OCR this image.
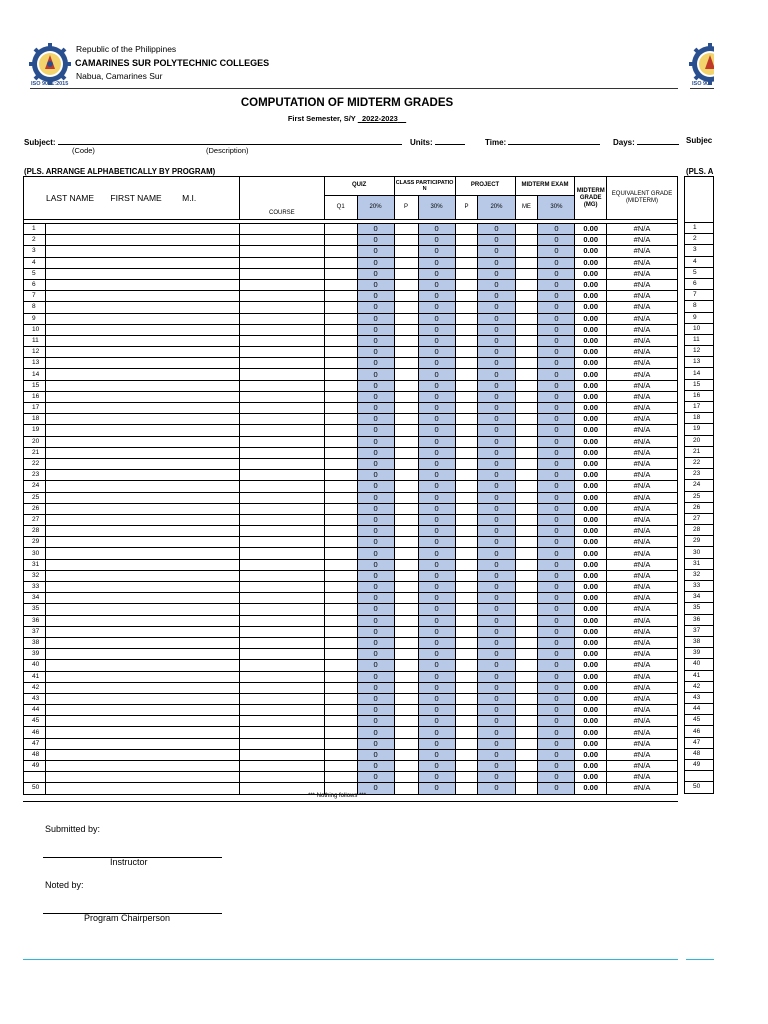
ISO 9001:2015	ISO 900
Republic of the Philippines
CAMARINES SUR POLYTECHNIC COLLEGES
Nabua, Camarines Sur
COMPUTATION OF MIDTERM GRADES
First Semester, S/Y 2022-2023
Subject:	Units:	Time:	Days:	Subjec
(Code)	(Description)
(PLS. ARRANGE ALPHABETICALLY BY PROGRAM)	(PLS. A
LAST NAME FIRST NAME M.I.			QUIZ		CLASS PARTICIPATIO N		PROJECT		MIDTERM EXAM		MIDTERM GRADE (MG)	EQUIVALENT GRADE (MIDTERM)
		COURSE	Q1	20%	P	30%	P	20%	ME	30%		

1				0		0		0		0	0.00	#N/A
2				0		0		0		0	0.00	#N/A
3				0		0		0		0	0.00	#N/A
4				0		0		0		0	0.00	#N/A
5				0		0		0		0	0.00	#N/A
6				0		0		0		0	0.00	#N/A
7				0		0		0		0	0.00	#N/A
8				0		0		0		0	0.00	#N/A
9				0		0		0		0	0.00	#N/A
10				0		0		0		0	0.00	#N/A
11				0		0		0		0	0.00	#N/A
12				0		0		0		0	0.00	#N/A
13				0		0		0		0	0.00	#N/A
14				0		0		0		0	0.00	#N/A
15				0		0		0		0	0.00	#N/A
16				0		0		0		0	0.00	#N/A
17				0		0		0		0	0.00	#N/A
18				0		0		0		0	0.00	#N/A
19				0		0		0		0	0.00	#N/A
20				0		0		0		0	0.00	#N/A
21				0		0		0		0	0.00	#N/A
22				0		0		0		0	0.00	#N/A
23				0		0		0		0	0.00	#N/A
24				0		0		0		0	0.00	#N/A
25				0		0		0		0	0.00	#N/A
26				0		0		0		0	0.00	#N/A
27				0		0		0		0	0.00	#N/A
28				0		0		0		0	0.00	#N/A
29				0		0		0		0	0.00	#N/A
30				0		0		0		0	0.00	#N/A
31				0		0		0		0	0.00	#N/A
32				0		0		0		0	0.00	#N/A
33				0		0		0		0	0.00	#N/A
34				0		0		0		0	0.00	#N/A
35				0		0		0		0	0.00	#N/A
36				0		0		0		0	0.00	#N/A
37				0		0		0		0	0.00	#N/A
38				0		0		0		0	0.00	#N/A
39				0		0		0		0	0.00	#N/A
40				0		0		0		0	0.00	#N/A
41				0		0		0		0	0.00	#N/A
42				0		0		0		0	0.00	#N/A
43				0		0		0		0	0.00	#N/A
44				0		0		0		0	0.00	#N/A
45				0		0		0		0	0.00	#N/A
46				0		0		0		0	0.00	#N/A
47				0		0		0		0	0.00	#N/A
48				0		0		0		0	0.00	#N/A
49				0		0		0		0	0.00	#N/A
				0		0		0		0	0.00	#N/A
50				0		0		0		0	0.00	#N/A
*** Nothing follows ***

1
2
3
4
5
6
7
8
9
10
11
12
13
14
15
16
17
18
19
20
21
22
23
24
25
26
27
28
29
30
31
32
33
34
35
36
37
38
39
40
41
42
43
44
45
46
47
48
49

50
Submitted by:
Instructor
Noted by:
Program Chairperson
